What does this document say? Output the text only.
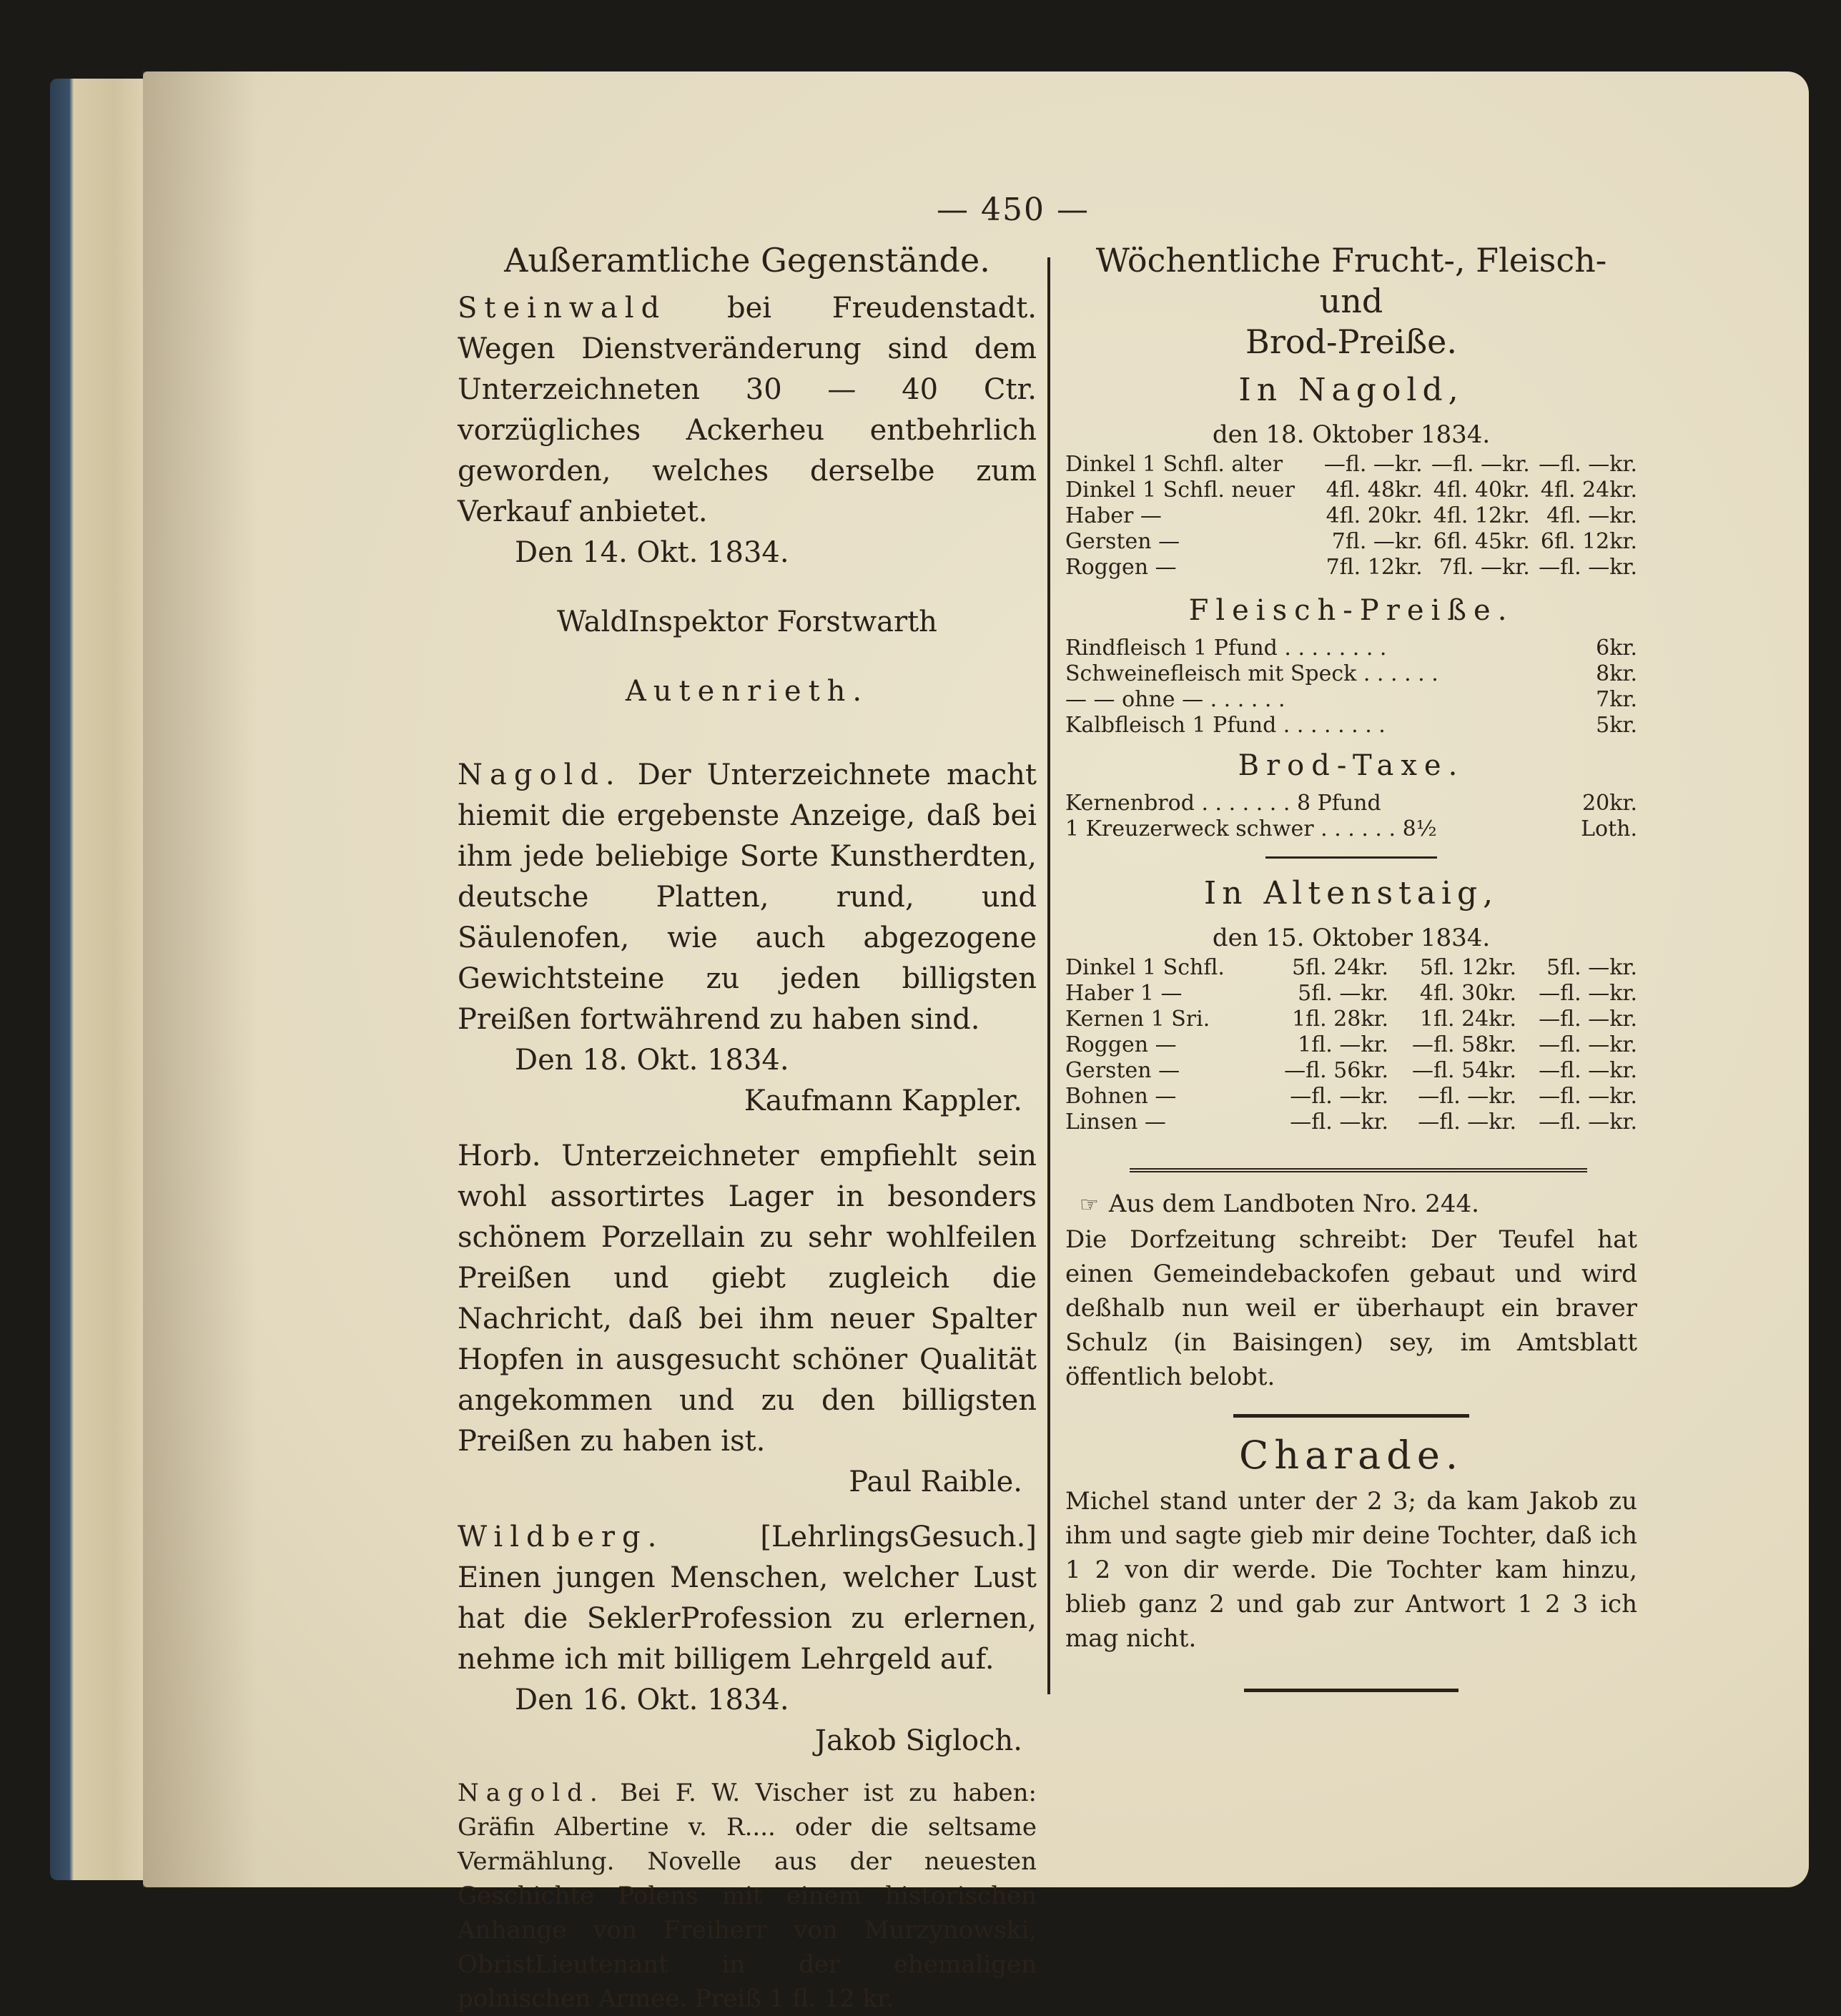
— 450 —
Außeramtliche Gegenstände.

Steinwald bei Freudenstadt. Wegen Dienstveränderung sind dem Unterzeichneten 30 — 40 Ctr. vorzügliches Ackerheu entbehrlich geworden, welches derselbe zum Verkauf anbietet.

Den 14. Okt. 1834.

WaldInspektor Forstwarth

Autenrieth.

Nagold. Der Unterzeichnete macht hiemit die ergebenste Anzeige, daß bei ihm jede beliebige Sorte Kunstherdten, deutsche Platten, rund, und Säulenofen, wie auch abgezogene Gewichtsteine zu jeden billigsten Preißen fortwährend zu haben sind.

Den 18. Okt. 1834.

Kaufmann Kappler.

Horb. Unterzeichneter empfiehlt sein wohl assortirtes Lager in besonders schönem Porzellain zu sehr wohlfeilen Preißen und giebt zugleich die Nachricht, daß bei ihm neuer Spalter Hopfen in ausgesucht schöner Qualität angekommen und zu den billigsten Preißen zu haben ist.

Paul Raible.

Wildberg.	[LehrlingsGesuch.] Einen jungen Menschen, welcher Lust hat die SeklerProfession zu erlernen, nehme ich mit billigem Lehrgeld auf.

Den 16. Okt. 1834.

Jakob Sigloch.

Nagold. Bei F. W. Vischer ist zu haben: Gräfin Albertine v. R.... oder die seltsame Vermählung. Novelle aus der neuesten Geschichte Polens mit einem historischen Anhange von Freiherr von Murzynowski, ObristLieutenant in der ehemaligen polnischen Armee. Preiß 1 fl. 12 kr.

Wöchentliche Frucht-, Fleisch- und
Brod-Preiße.
In Nagold,
den 18. Oktober 1834.
Dinkel 1 Schfl. alter	—fl. —kr.	—fl. —kr.	—fl. —kr.
Dinkel 1 Schfl. neuer	4fl. 48kr.	4fl. 40kr.	4fl. 24kr.
Haber —	4fl. 20kr.	4fl. 12kr.	4fl. —kr.
Gersten —	7fl. —kr.	6fl. 45kr.	6fl. 12kr.
Roggen —	7fl. 12kr.	7fl. —kr.	—fl. —kr.
Fleisch-Preiße.
Rindfleisch 1 Pfund . . . . . . . .	6kr.
Schweinefleisch mit Speck . . . . . .	8kr.
— — ohne — . . . . . .	7kr.
Kalbfleisch 1 Pfund . . . . . . . .	5kr.
Brod-Taxe.
Kernenbrod . . . . . . . 8 Pfund	20kr.
1 Kreuzerweck schwer . . . . . . 8½	Loth.
In Altenstaig,
den 15. Oktober 1834.
Dinkel 1 Schfl.	5fl. 24kr.	5fl. 12kr.	5fl. —kr.
Haber 1 —	5fl. —kr.	4fl. 30kr.	—fl. —kr.
Kernen 1 Sri.	1fl. 28kr.	1fl. 24kr.	—fl. —kr.
Roggen —	1fl. —kr.	—fl. 58kr.	—fl. —kr.
Gersten —	—fl. 56kr.	—fl. 54kr.	—fl. —kr.
Bohnen —	—fl. —kr.	—fl. —kr.	—fl. —kr.
Linsen —	—fl. —kr.	—fl. —kr.	—fl. —kr.

☞ Aus dem Landboten Nro. 244.

Die Dorfzeitung schreibt: Der Teufel hat einen Gemeindebackofen gebaut und wird deßhalb nun weil er überhaupt ein braver Schulz (in Baisingen) sey, im Amtsblatt öffentlich belobt.

Charade.

Michel stand unter der 2 3; da kam Jakob zu ihm und sagte gieb mir deine Tochter, daß ich 1 2 von dir werde. Die Tochter kam hinzu, blieb ganz 2 und gab zur Antwort 1 2 3 ich mag nicht.
